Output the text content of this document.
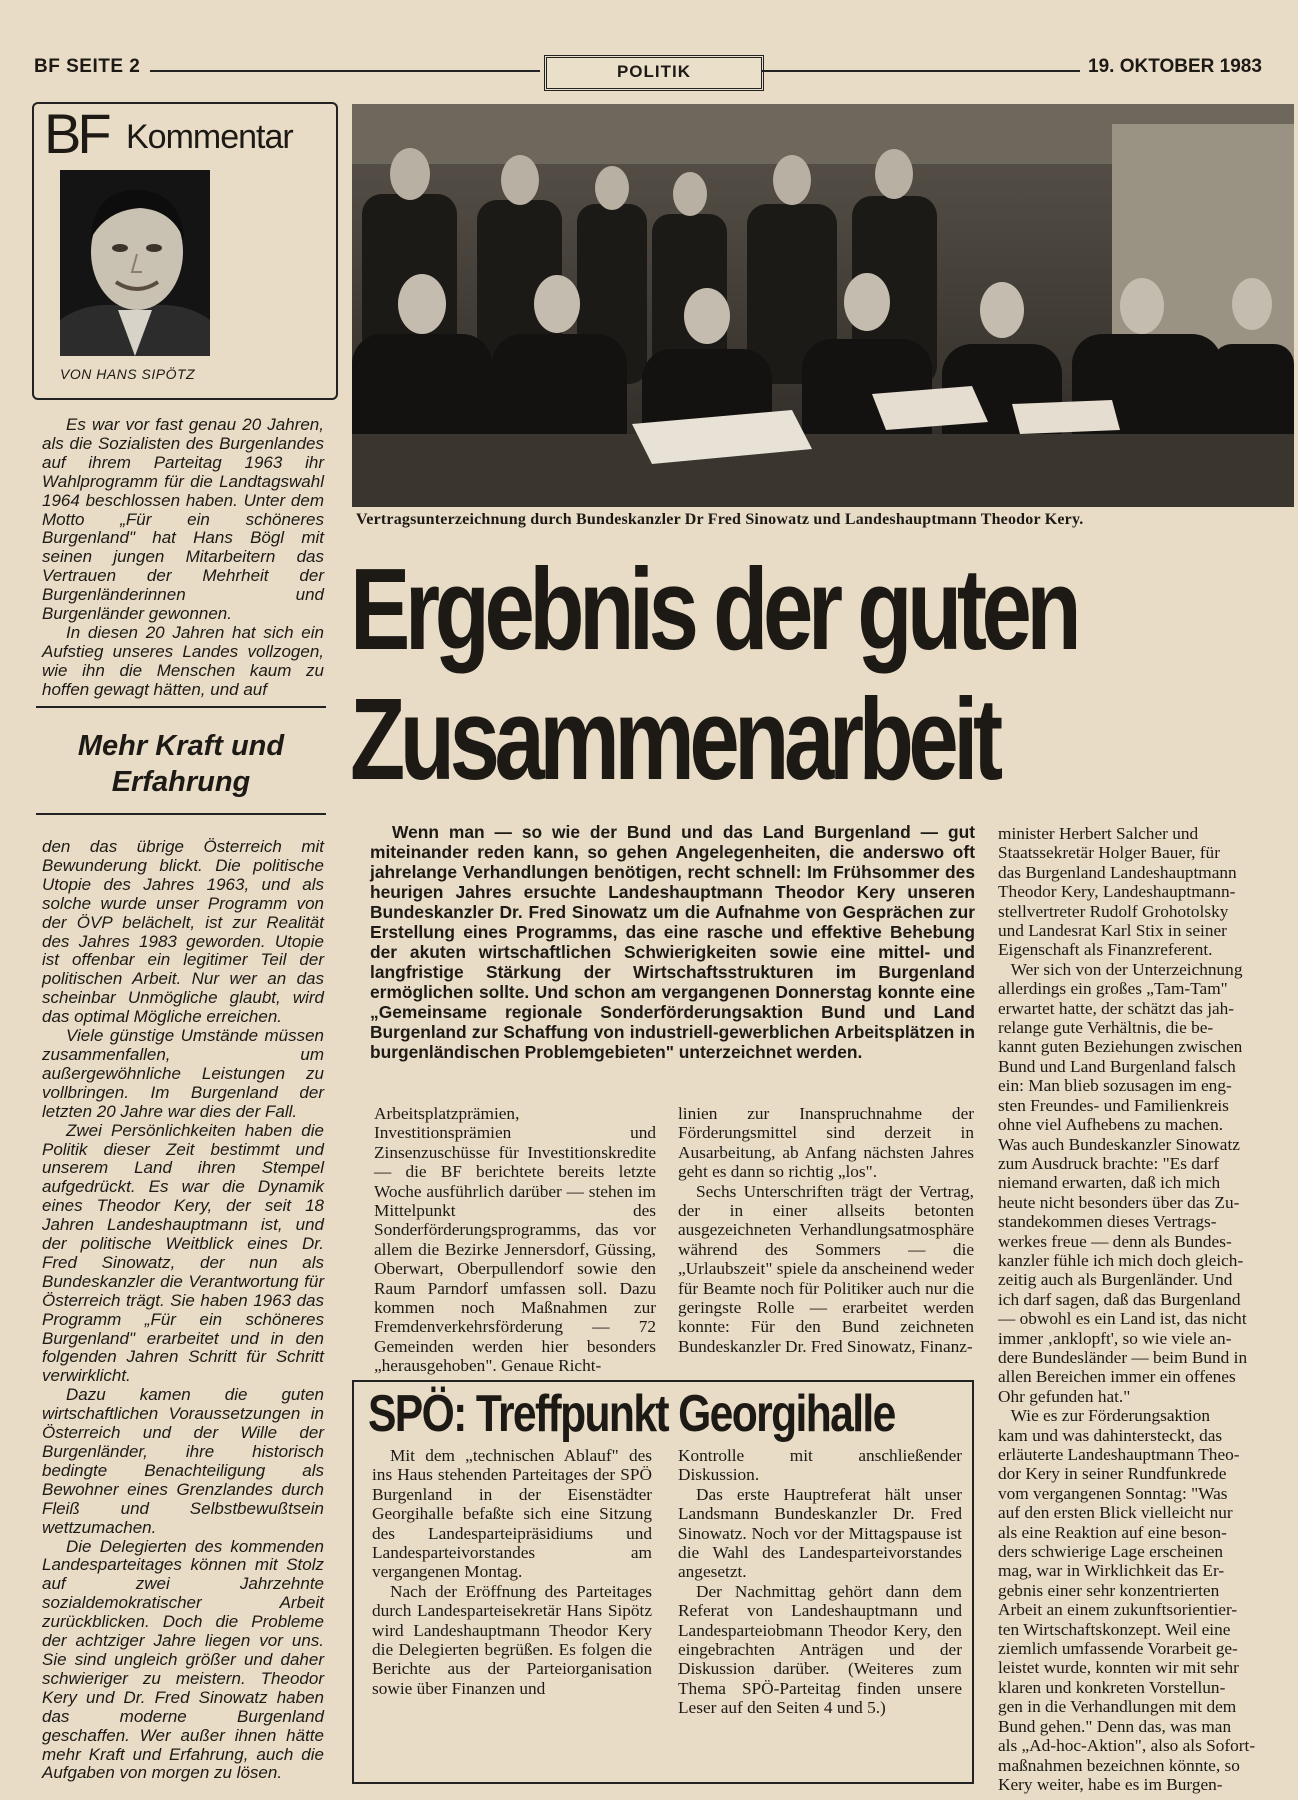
BF SEITE 2	POLITIK	19. OKTOBER 1983
BF Kommentar
VON HANS SIPÖTZ

Es war vor fast genau 20 Jahren, als die Sozialisten des Burgenlandes auf ihrem Parteitag 1963 ihr Wahlprogramm für die Landtagswahl 1964 beschlossen haben. Unter dem Motto „Für ein schöneres Burgenland" hat Hans Bögl mit seinen jungen Mitarbeitern das Vertrauen der Mehrheit der Burgenländerinnen und Burgenländer gewonnen.

In diesen 20 Jahren hat sich ein Aufstieg unseres Landes vollzogen, wie ihn die Menschen kaum zu hoffen gewagt hätten, und auf

Mehr Kraft und Erfahrung

den das übrige Österreich mit Bewunderung blickt. Die politische Utopie des Jahres 1963, und als solche wurde unser Programm von der ÖVP belächelt, ist zur Realität des Jahres 1983 geworden. Utopie ist offenbar ein legitimer Teil der politischen Arbeit. Nur wer an das scheinbar Unmögliche glaubt, wird das optimal Mögliche erreichen.

Viele günstige Umstände müssen zusammenfallen, um außergewöhnliche Leistungen zu vollbringen. Im Burgenland der letzten 20 Jahre war dies der Fall.

Zwei Persönlichkeiten haben die Politik dieser Zeit bestimmt und unserem Land ihren Stempel aufgedrückt. Es war die Dynamik eines Theodor Kery, der seit 18 Jahren Landeshauptmann ist, und der politische Weitblick eines Dr. Fred Sinowatz, der nun als Bundeskanzler die Verantwortung für Österreich trägt. Sie haben 1963 das Programm „Für ein schöneres Burgenland" erarbeitet und in den folgenden Jahren Schritt für Schritt verwirklicht.

Dazu kamen die guten wirtschaftlichen Voraussetzungen in Österreich und der Wille der Burgenländer, ihre historisch bedingte Benachteiligung als Bewohner eines Grenzlandes durch Fleiß und Selbstbewußtsein wettzumachen.

Die Delegierten des kommenden Landesparteitages können mit Stolz auf zwei Jahrzehnte sozialdemokratischer Arbeit zurückblicken. Doch die Probleme der achtziger Jahre liegen vor uns. Sie sind ungleich größer und daher schwieriger zu meistern. Theodor Kery und Dr. Fred Sinowatz haben das moderne Burgenland geschaffen. Wer außer ihnen hätte mehr Kraft und Erfahrung, auch die Aufgaben von morgen zu lösen.

Vertragsunterzeichnung durch Bundeskanzler Dr Fred Sinowatz und Landeshauptmann Theodor Kery.
Ergebnis der guten
Zusammenarbeit

Wenn man — so wie der Bund und das Land Burgenland — gut miteinander reden kann, so gehen Angelegenheiten, die anderswo oft jahrelange Verhandlungen benötigen, recht schnell: Im Frühsommer des heurigen Jahres ersuchte Landeshauptmann Theodor Kery unseren Bundeskanzler Dr. Fred Sinowatz um die Aufnahme von Gesprächen zur Erstellung eines Programms, das eine rasche und effektive Behebung der akuten wirtschaftlichen Schwierigkeiten sowie eine mittel- und langfristige Stärkung der Wirtschaftsstrukturen im Burgenland ermöglichen sollte. Und schon am vergangenen Donnerstag konnte eine „Gemeinsame regionale Sonderförderungsaktion Bund und Land Burgenland zur Schaffung von industriell-gewerblichen Arbeitsplätzen in burgenländischen Problemgebieten" unterzeichnet werden.

Arbeitsplatzprämien, Investitionsprämien und Zinsenzuschüsse für Investitionskredite — die BF berichtete bereits letzte Woche ausführlich darüber — stehen im Mittelpunkt des Sonderförderungsprogramms, das vor allem die Bezirke Jennersdorf, Güssing, Oberwart, Oberpullendorf sowie den Raum Parndorf umfassen soll. Dazu kommen noch Maßnahmen zur Fremdenverkehrsförderung — 72 Gemeinden werden hier besonders „herausgehoben". Genaue Richt-

linien zur Inanspruchnahme der Förderungsmittel sind derzeit in Ausarbeitung, ab Anfang nächsten Jahres geht es dann so richtig „los".

Sechs Unterschriften trägt der Vertrag, der in einer allseits betonten ausgezeichneten Verhandlungsatmosphäre während des Sommers — die „Urlaubszeit" spiele da anscheinend weder für Beamte noch für Politiker auch nur die geringste Rolle — erarbeitet werden konnte: Für den Bund zeichneten Bundeskanzler Dr. Fred Sinowatz, Finanz-

minister Herbert Salcher und
Staatssekretär Holger Bauer, für
das Burgenland Landeshauptmann
Theodor Kery, Landeshauptmann-
stellvertreter Rudolf Grohotolsky
und Landesrat Karl Stix in seiner
Eigenschaft als Finanzreferent.
Wer sich von der Unterzeichnung
allerdings ein großes „Tam-Tam"
erwartet hatte, der schätzt das jah-
relange gute Verhältnis, die be-
kannt guten Beziehungen zwischen
Bund und Land Burgenland falsch
ein: Man blieb sozusagen im eng-
sten Freundes- und Familienkreis
ohne viel Aufhebens zu machen.
Was auch Bundeskanzler Sinowatz
zum Ausdruck brachte: "Es darf
niemand erwarten, daß ich mich
heute nicht besonders über das Zu-
standekommen dieses Vertrags-
werkes freue — denn als Bundes-
kanzler fühle ich mich doch gleich-
zeitig auch als Burgenländer. Und
ich darf sagen, daß das Burgenland
— obwohl es ein Land ist, das nicht
immer ‚anklopft', so wie viele an-
dere Bundesländer — beim Bund in
allen Bereichen immer ein offenes
Ohr gefunden hat."
Wie es zur Förderungsaktion
kam und was dahintersteckt, das
erläuterte Landeshauptmann Theo-
dor Kery in seiner Rundfunkrede
vom vergangenen Sonntag: "Was
auf den ersten Blick vielleicht nur
als eine Reaktion auf eine beson-
ders schwierige Lage erscheinen
mag, war in Wirklichkeit das Er-
gebnis einer sehr konzentrierten
Arbeit an einem zukunftsorientier-
ten Wirtschaftskonzept. Weil eine
ziemlich umfassende Vorarbeit ge-
leistet wurde, konnten wir mit sehr
klaren und konkreten Vorstellun-
gen in die Verhandlungen mit dem
Bund gehen." Denn das, was man
als „Ad-hoc-Aktion", also als Sofort-
maßnahmen bezeichnen könnte, so
Kery weiter, habe es im Burgen-
SPÖ: Treffpunkt Georgihalle

Mit dem „technischen Ablauf" des ins Haus stehenden Parteitages der SPÖ Burgenland in der Eisenstädter Georgihalle befaßte sich eine Sitzung des Landesparteipräsidiums und Landesparteivorstandes am vergangenen Montag.

Nach der Eröffnung des Parteitages durch Landesparteisekretär Hans Sipötz wird Landeshauptmann Theodor Kery die Delegierten begrüßen. Es folgen die Berichte aus der Parteiorganisation sowie über Finanzen und

Kontrolle mit anschließender Diskussion.

Das erste Hauptreferat hält unser Landsmann Bundeskanzler Dr. Fred Sinowatz. Noch vor der Mittagspause ist die Wahl des Landesparteivorstandes angesetzt.

Der Nachmittag gehört dann dem Referat von Landeshauptmann und Landesparteiobmann Theodor Kery, den eingebrachten Anträgen und der Diskussion darüber. (Weiteres zum Thema SPÖ-Parteitag finden unsere Leser auf den Seiten 4 und 5.)
